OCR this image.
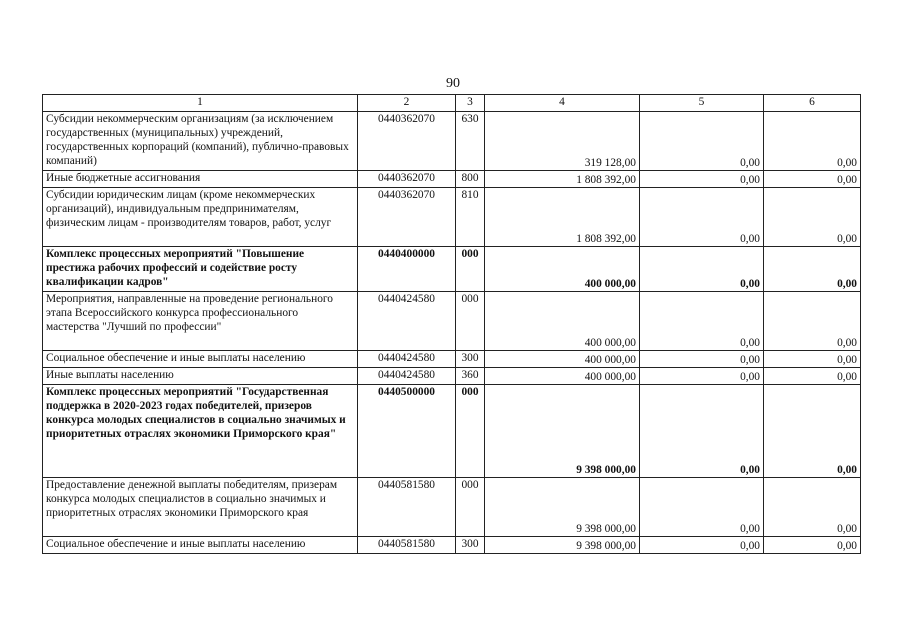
90
1	2	3	4	5	6
Субсидии некоммерческим организациям (за исключением государственных (муниципальных) учреждений, государственных корпораций (компаний), публично-правовых компаний)	0440362070	630	319 128,00	0,00	0,00
Иные бюджетные ассигнования	0440362070	800	1 808 392,00	0,00	0,00
Субсидии юридическим лицам (кроме некоммерческих организаций), индивидуальным предпринимателям, физическим лицам - производителям товаров, работ, услуг	0440362070	810	1 808 392,00	0,00	0,00
Комплекс процессных мероприятий "Повышение престижа рабочих профессий и содействие росту квалификации кадров"	0440400000	000	400 000,00	0,00	0,00
Мероприятия, направленные на проведение регионального этапа Всероссийского конкурса профессионального мастерства "Лучший по профессии"	0440424580	000	400 000,00	0,00	0,00
Социальное обеспечение и иные выплаты населению	0440424580	300	400 000,00	0,00	0,00
Иные выплаты населению	0440424580	360	400 000,00	0,00	0,00
Комплекс процессных мероприятий "Государственная поддержка в 2020-2023 годах победителей, призеров конкурса молодых специалистов в социально значимых и приоритетных отраслях экономики Приморского края"	0440500000	000	9 398 000,00	0,00	0,00
Предоставление денежной выплаты победителям, призерам конкурса молодых специалистов в социально значимых и приоритетных отраслях экономики Приморского края	0440581580	000	9 398 000,00	0,00	0,00
Социальное обеспечение и иные выплаты населению	0440581580	300	9 398 000,00	0,00	0,00
